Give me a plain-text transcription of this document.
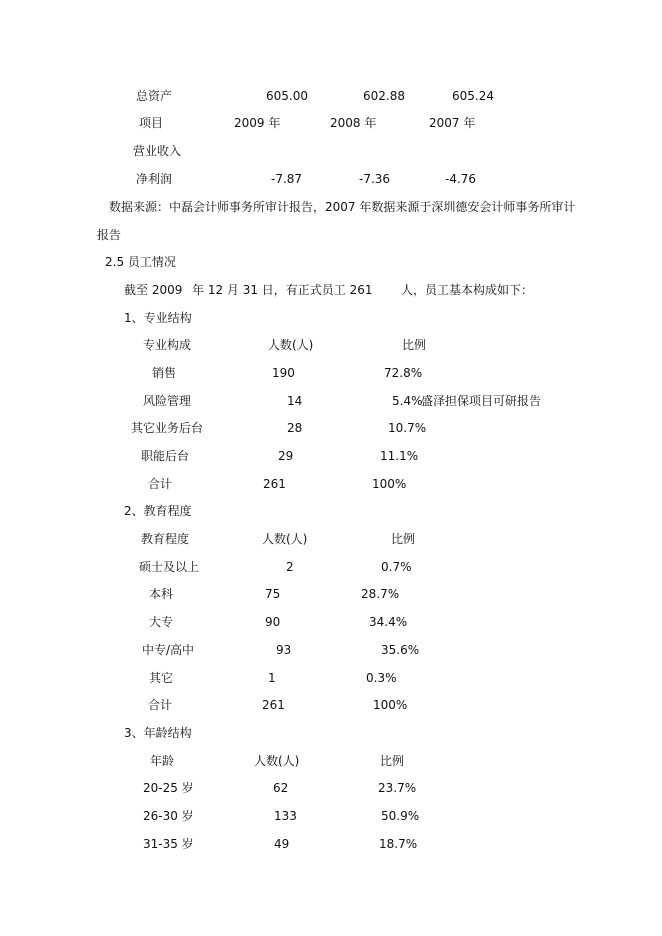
总资产	605.00	602.88	605.24
项目	2009 年	2008 年	2007 年
营业收入
净利润	-7.87	-7.36	-4.76
数据来源：中磊会计师事务所审计报告，2007 年数据来源于深圳德安会计师事务所审计
报告
2.5 员工情况
截至 2009 年 12 月 31 日，有正式员工 261 人，员工基本构成如下：
1、专业结构
专业构成	人数(人)	比例
销售	190	72.8%
风险管理	14	5.4%
盛泽担保项目可研报告
其它业务后台	28	10.7%
职能后台	29	11.1%
合计	261	100%
2、教育程度
教育程度	人数(人)	比例
硕士及以上	2	0.7%
本科	75	28.7%
大专	90	34.4%
中专/高中	93	35.6%
其它	1	0.3%
合计	261	100%
3、年龄结构
年龄	人数(人)	比例
20-25 岁	62	23.7%
26-30 岁	133	50.9%
31-35 岁	49	18.7%
